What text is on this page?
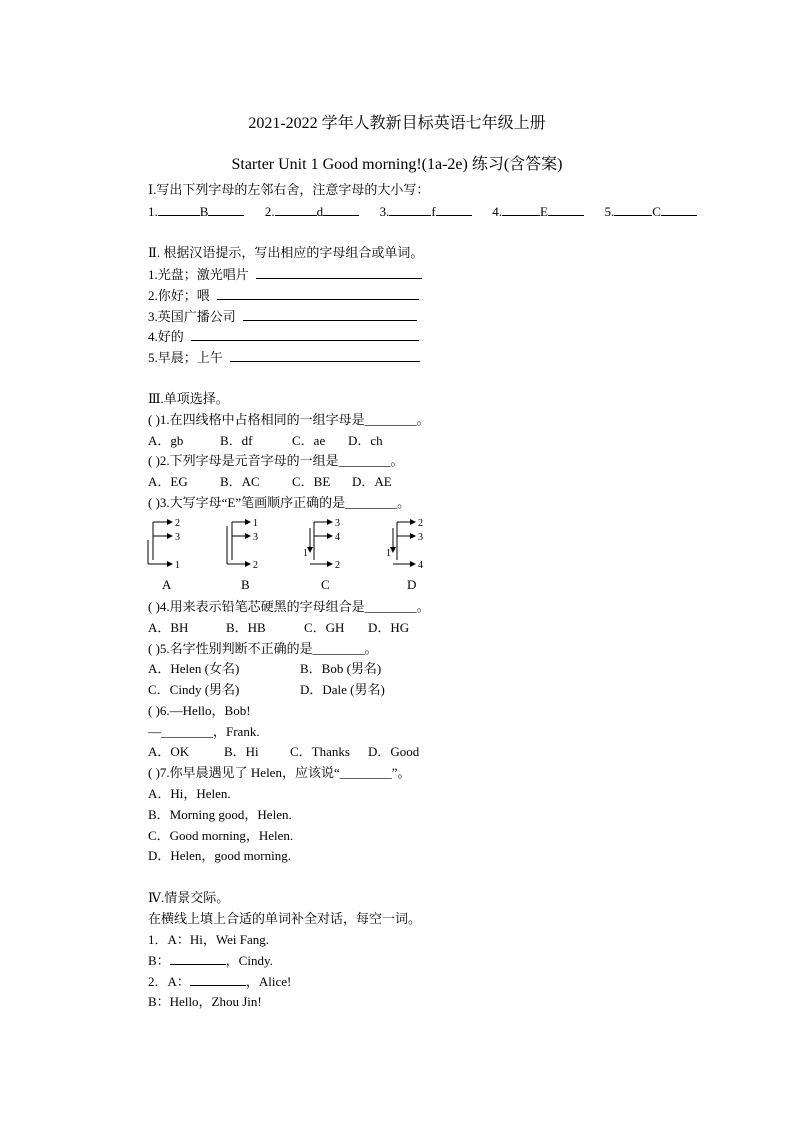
2021-2022 学年人教新目标英语七年级上册
Starter Unit 1 Good morning!(1a-2e) 练习(含答案)
Ⅰ.写出下列字母的左邻右舍，注意字母的大小写：
1.	B	2.	d	3.	f	4.	E	5.	C
Ⅱ. 根据汉语提示，写出相应的字母组合或单词。
1.光盘；激光唱片
2.你好；喂
3.英国广播公司
4.好的
5.早晨；上午
Ⅲ.单项选择。
( )1.在四线格中占格相同的一组字母是________。
A．gb	B．df	C．ae D．ch
( )2.下列字母是元音字母的一组是________。
A．EG B．AC C．BE D．AE
( )3.大写字母“E”笔画顺序正确的是________。
2
3
1
1
3
2
3
4
1
2
2
3
1
4
A	B	C	D
( )4.用来表示铅笔芯硬黑的字母组合是________。
A．BH	B．HB	C．GH D．HG
( )5.名字性别判断不正确的是________。
A．Helen (女名)	B．Bob (男名)
C．Cindy (男名)	D．Dale (男名)
( )6.—Hello，Bob!
—________，Frank.
A．OK	B．Hi C．Thanks D．Good
( )7.你早晨遇见了 Helen，应该说“________”。
A．Hi，Helen.
B．Morning good，Helen.
C．Good morning，Helen.
D．Helen，good morning.
Ⅳ.情景交际。
在横线上填上合适的单词补全对话，每空一词。
1．A：Hi，Wei Fang.
B：	，Cindy.
2．A：	，Alice!
B：Hello，Zhou Jin!
